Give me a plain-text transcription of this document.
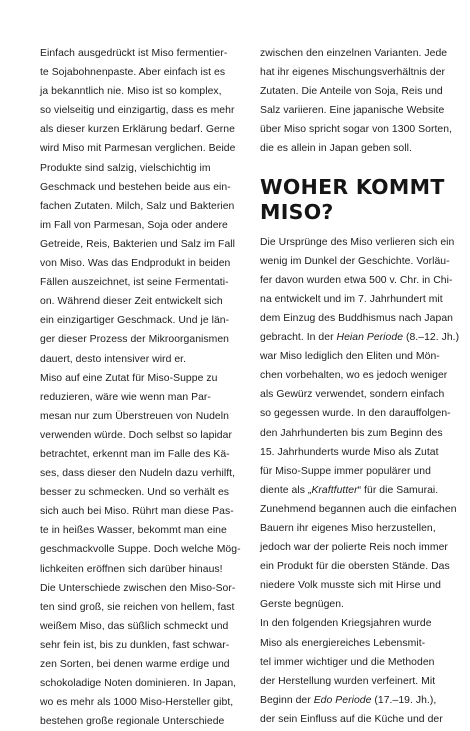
Einfach ausgedrückt ist Miso fermentier-
te Sojabohnenpaste. Aber einfach ist es
ja bekanntlich nie. Miso ist so komplex,
so vielseitig und einzigartig, dass es mehr
als dieser kurzen Erklärung bedarf. Gerne
wird Miso mit Parmesan verglichen. Beide
Produkte sind salzig, vielschichtig im
Geschmack und bestehen beide aus ein-
fachen Zutaten. Milch, Salz und Bakterien
im Fall von Parmesan, Soja oder andere
Getreide, Reis, Bakterien und Salz im Fall
von Miso. Was das Endprodukt in beiden
Fällen auszeichnet, ist seine Fermentati-
on. Während dieser Zeit entwickelt sich
ein einzigartiger Geschmack. Und je län-
ger dieser Prozess der Mikroorganismen
dauert, desto intensiver wird er.
Miso auf eine Zutat für Miso-Suppe zu
reduzieren, wäre wie wenn man Par-
mesan nur zum Überstreuen von Nudeln
verwenden würde. Doch selbst so lapidar
betrachtet, erkennt man im Falle des Kä-
ses, dass dieser den Nudeln dazu verhilft,
besser zu schmecken. Und so verhält es
sich auch bei Miso. Rührt man diese Pas-
te in heißes Wasser, bekommt man eine
geschmackvolle Suppe. Doch welche Mög-
lichkeiten eröffnen sich darüber hinaus!
Die Unterschiede zwischen den Miso-Sor-
ten sind groß, sie reichen von hellem, fast
weißem Miso, das süßlich schmeckt und
sehr fein ist, bis zu dunklen, fast schwar-
zen Sorten, bei denen warme erdige und
schokoladige Noten dominieren. In Japan,
wo es mehr als 1000 Miso-Hersteller gibt,
bestehen große regionale Unterschiede
zwischen den einzelnen Varianten. Jede
hat ihr eigenes Mischungsverhältnis der
Zutaten. Die Anteile von Soja, Reis und
Salz variieren. Eine japanische Website
über Miso spricht sogar von 1300 Sorten,
die es allein in Japan geben soll.
WOHER KOMMT
MISO?
Die Ursprünge des Miso verlieren sich ein
wenig im Dunkel der Geschichte. Vorläu-
fer davon wurden etwa 500 v. Chr. in Chi-
na entwickelt und im 7. Jahrhundert mit
dem Einzug des Buddhismus nach Japan
gebracht. In der Heian Periode (8.–12. Jh.)
war Miso lediglich den Eliten und Mön-
chen vorbehalten, wo es jedoch weniger
als Gewürz verwendet, sondern einfach
so gegessen wurde. In den darauffolgen-
den Jahrhunderten bis zum Beginn des
15. Jahrhunderts wurde Miso als Zutat
für Miso-Suppe immer populärer und
diente als „Kraftfutter“ für die Samurai.
Zunehmend begannen auch die einfachen
Bauern ihr eigenes Miso herzustellen,
jedoch war der polierte Reis noch immer
ein Produkt für die obersten Stände. Das
niedere Volk musste sich mit Hirse und
Gerste begnügen.
In den folgenden Kriegsjahren wurde
Miso als energiereiches Lebensmit-
tel immer wichtiger und die Methoden
der Herstellung wurden verfeinert. Mit
Beginn der Edo Periode (17.–19. Jh.),
der sein Einfluss auf die Küche und der
